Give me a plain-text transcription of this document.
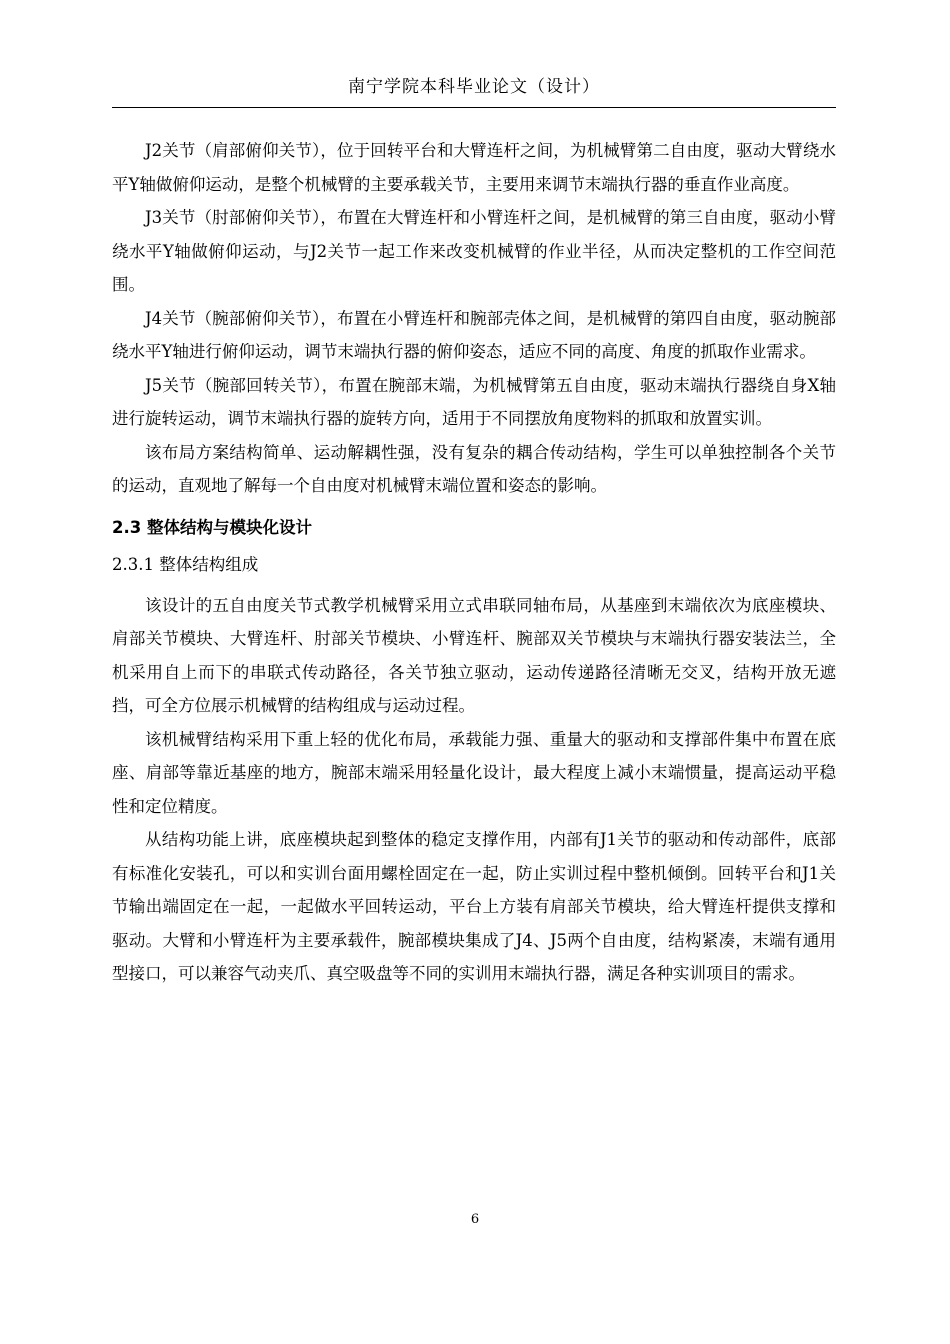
南宁学院本科毕业论文（设计）

J2关节（肩部俯仰关节），位于回转平台和大臂连杆之间，为机械臂第二自由度，驱动大臂绕水平Y轴做俯仰运动，是整个机械臂的主要承载关节，主要用来调节末端执行器的垂直作业高度。

J3关节（肘部俯仰关节），布置在大臂连杆和小臂连杆之间，是机械臂的第三自由度，驱动小臂绕水平Y轴做俯仰运动，与J2关节一起工作来改变机械臂的作业半径，从而决定整机的工作空间范围。

J4关节（腕部俯仰关节），布置在小臂连杆和腕部壳体之间，是机械臂的第四自由度，驱动腕部绕水平Y轴进行俯仰运动，调节末端执行器的俯仰姿态，适应不同的高度、角度的抓取作业需求。

J5关节（腕部回转关节），布置在腕部末端，为机械臂第五自由度，驱动末端执行器绕自身X轴进行旋转运动，调节末端执行器的旋转方向，适用于不同摆放角度物料的抓取和放置实训。

该布局方案结构简单、运动解耦性强，没有复杂的耦合传动结构，学生可以单独控制各个关节的运动，直观地了解每一个自由度对机械臂末端位置和姿态的影响。

2.3 整体结构与模块化设计
2.3.1 整体结构组成

该设计的五自由度关节式教学机械臂采用立式串联同轴布局，从基座到末端依次为底座模块、肩部关节模块、大臂连杆、肘部关节模块、小臂连杆、腕部双关节模块与末端执行器安装法兰，全机采用自上而下的串联式传动路径，各关节独立驱动，运动传递路径清晰无交叉，结构开放无遮挡，可全方位展示机械臂的结构组成与运动过程。

该机械臂结构采用下重上轻的优化布局，承载能力强、重量大的驱动和支撑部件集中布置在底座、肩部等靠近基座的地方，腕部末端采用轻量化设计，最大程度上减小末端惯量，提高运动平稳性和定位精度。

从结构功能上讲，底座模块起到整体的稳定支撑作用，内部有J1关节的驱动和传动部件，底部有标准化安装孔，可以和实训台面用螺栓固定在一起，防止实训过程中整机倾倒。回转平台和J1关节输出端固定在一起，一起做水平回转运动，平台上方装有肩部关节模块，给大臂连杆提供支撑和驱动。大臂和小臂连杆为主要承载件，腕部模块集成了J4、J5两个自由度，结构紧凑，末端有通用型接口，可以兼容气动夹爪、真空吸盘等不同的实训用末端执行器，满足各种实训项目的需求。

6
